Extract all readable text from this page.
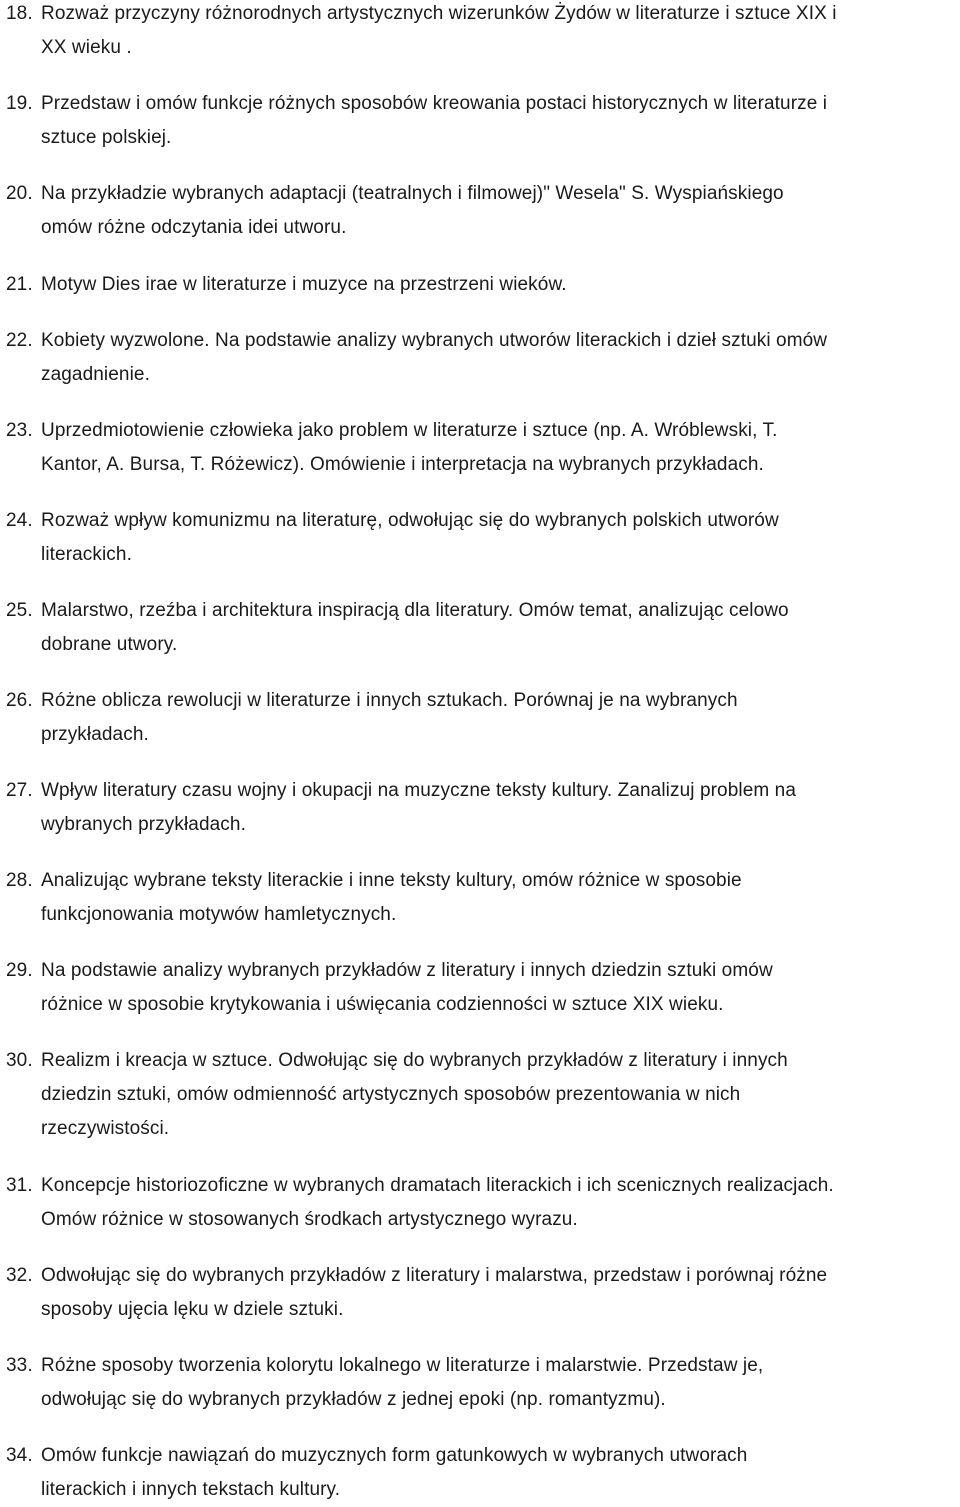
18. Rozważ przyczyny różnorodnych artystycznych wizerunków Żydów w literaturze i sztuce XIX i
XX wieku .
19. Przedstaw i omów funkcje różnych sposobów kreowania postaci historycznych w literaturze i
sztuce polskiej.
20. Na przykładzie wybranych adaptacji (teatralnych i filmowej)" Wesela" S. Wyspiańskiego
omów różne odczytania idei utworu.
21. Motyw Dies irae w literaturze i muzyce na przestrzeni wieków.
22. Kobiety wyzwolone. Na podstawie analizy wybranych utworów literackich i dzieł sztuki omów
zagadnienie.
23. Uprzedmiotowienie człowieka jako problem w literaturze i sztuce (np. A. Wróblewski, T.
Kantor, A. Bursa, T. Różewicz). Omówienie i interpretacja na wybranych przykładach.
24. Rozważ wpływ komunizmu na literaturę, odwołując się do wybranych polskich utworów
literackich.
25. Malarstwo, rzeźba i architektura inspiracją dla literatury. Omów temat, analizując celowo
dobrane utwory.
26. Różne oblicza rewolucji w literaturze i innych sztukach. Porównaj je na wybranych
przykładach.
27. Wpływ literatury czasu wojny i okupacji na muzyczne teksty kultury. Zanalizuj problem na
wybranych przykładach.
28. Analizując wybrane teksty literackie i inne teksty kultury, omów różnice w sposobie
funkcjonowania motywów hamletycznych.
29. Na podstawie analizy wybranych przykładów z literatury i innych dziedzin sztuki omów
różnice w sposobie krytykowania i uświęcania codzienności w sztuce XIX wieku.
30. Realizm i kreacja w sztuce. Odwołując się do wybranych przykładów z literatury i innych
dziedzin sztuki, omów odmienność artystycznych sposobów prezentowania w nich
rzeczywistości.
31. Koncepcje historiozoficzne w wybranych dramatach literackich i ich scenicznych realizacjach.
Omów różnice w stosowanych środkach artystycznego wyrazu.
32. Odwołując się do wybranych przykładów z literatury i malarstwa, przedstaw i porównaj różne
sposoby ujęcia lęku w dziele sztuki.
33. Różne sposoby tworzenia kolorytu lokalnego w literaturze i malarstwie. Przedstaw je,
odwołując się do wybranych przykładów z jednej epoki (np. romantyzmu).
34. Omów funkcje nawiązań do muzycznych form gatunkowych w wybranych utworach
literackich i innych tekstach kultury.
